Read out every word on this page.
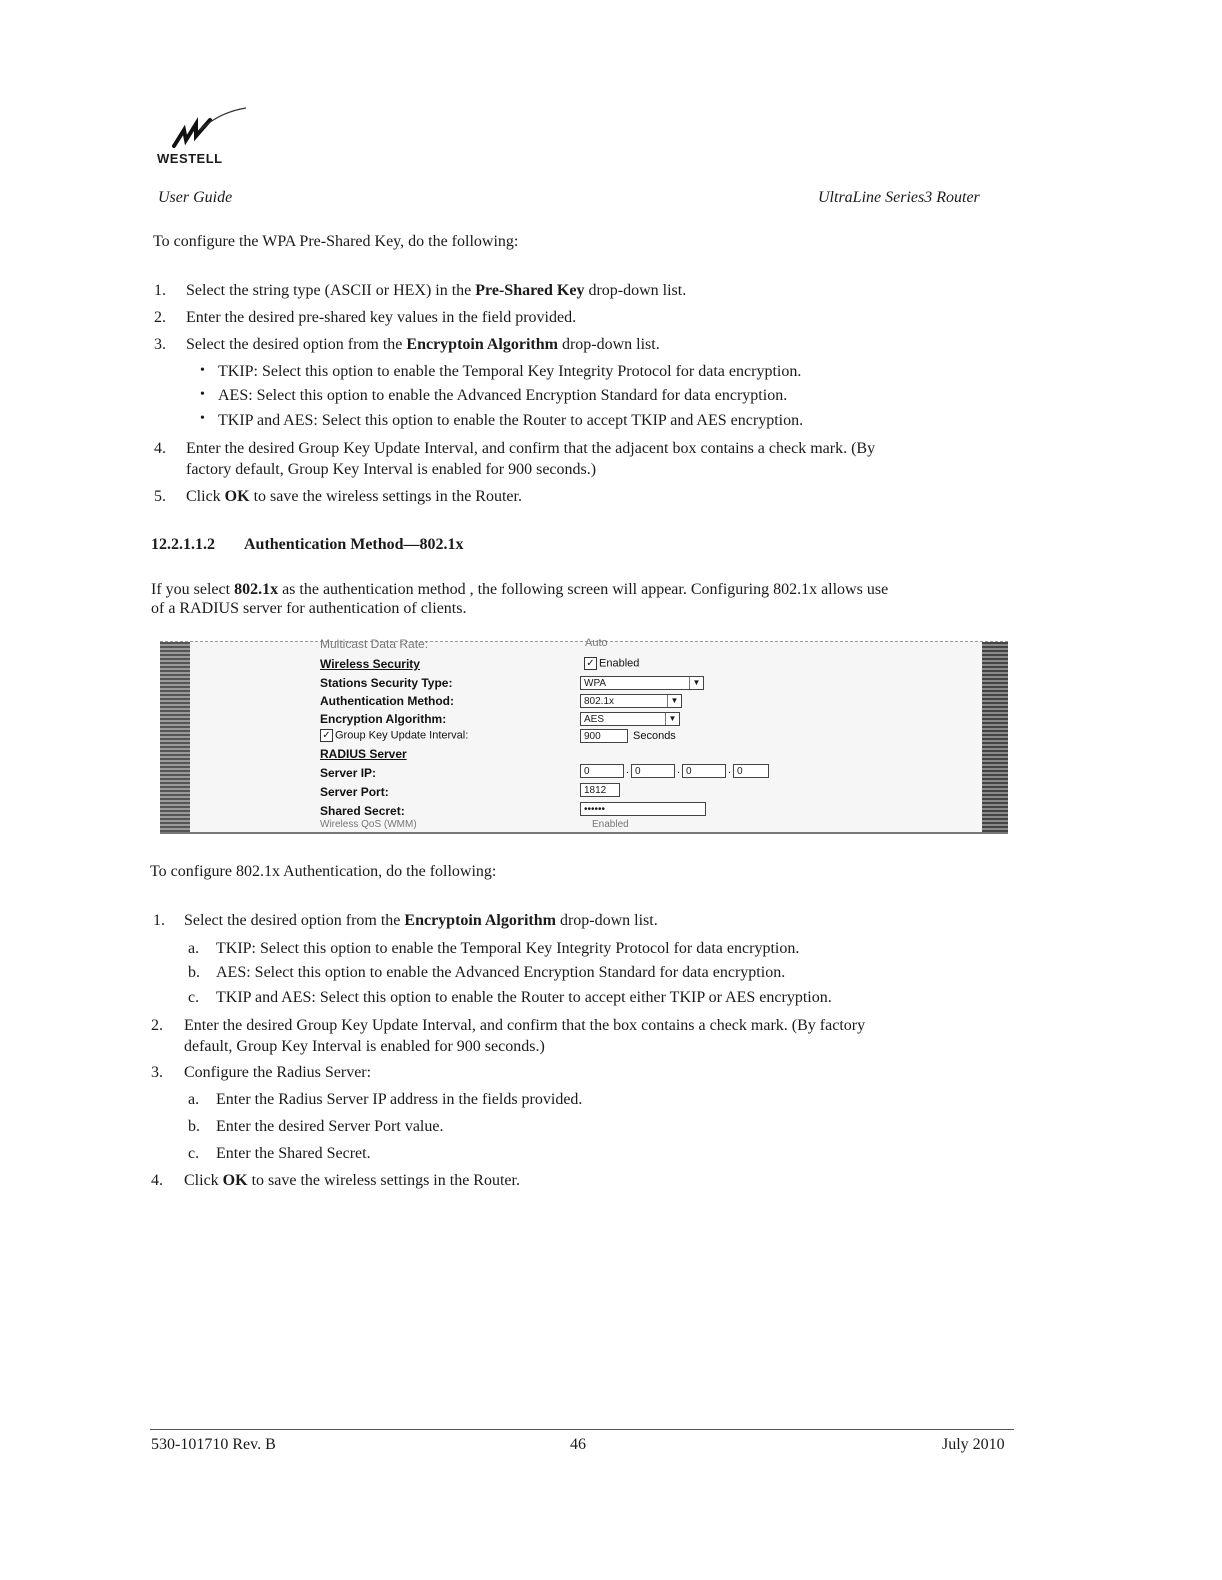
WESTELL
User Guide	UltraLine Series3 Router
To configure the WPA Pre-Shared Key, do the following:
1. Select the string type (ASCII or HEX) in the Pre-Shared Key drop-down list.
2. Enter the desired pre-shared key values in the field provided.
3. Select the desired option from the Encryptoin Algorithm drop-down list.
• TKIP: Select this option to enable the Temporal Key Integrity Protocol for data encryption.
• AES: Select this option to enable the Advanced Encryption Standard for data encryption.
• TKIP and AES: Select this option to enable the Router to accept TKIP and AES encryption.
4. Enter the desired Group Key Update Interval, and confirm that the adjacent box contains a check mark. (By
factory default, Group Key Interval is enabled for 900 seconds.)
5. Click OK to save the wireless settings in the Router.
12.2.1.1.2 Authentication Method—802.1x
If you select 802.1x as the authentication method , the following screen will appear. Configuring 802.1x allows use
of a RADIUS server for authentication of clients.
Multicast Data Rate:	Auto
Wireless Security	✓ Enabled
Stations Security Type:	WPA	▼
Authentication Method:	802.1x	▼
Encryption Algorithm:	AES	▼
✓ Group Key Update Interval:	900	Seconds
RADIUS Server
Server IP:	0	. 0	. 0	. 0
Server Port:	1812
Shared Secret:	••••••
Wireless QoS (WMM)	Enabled
To configure 802.1x Authentication, do the following:
1. Select the desired option from the Encryptoin Algorithm drop-down list.
a. TKIP: Select this option to enable the Temporal Key Integrity Protocol for data encryption.
b. AES: Select this option to enable the Advanced Encryption Standard for data encryption.
c. TKIP and AES: Select this option to enable the Router to accept either TKIP or AES encryption.
2. Enter the desired Group Key Update Interval, and confirm that the box contains a check mark. (By factory
default, Group Key Interval is enabled for 900 seconds.)
3. Configure the Radius Server:
a. Enter the Radius Server IP address in the fields provided.
b. Enter the desired Server Port value.
c. Enter the Shared Secret.
4. Click OK to save the wireless settings in the Router.
530-101710 Rev. B	46	July 2010
